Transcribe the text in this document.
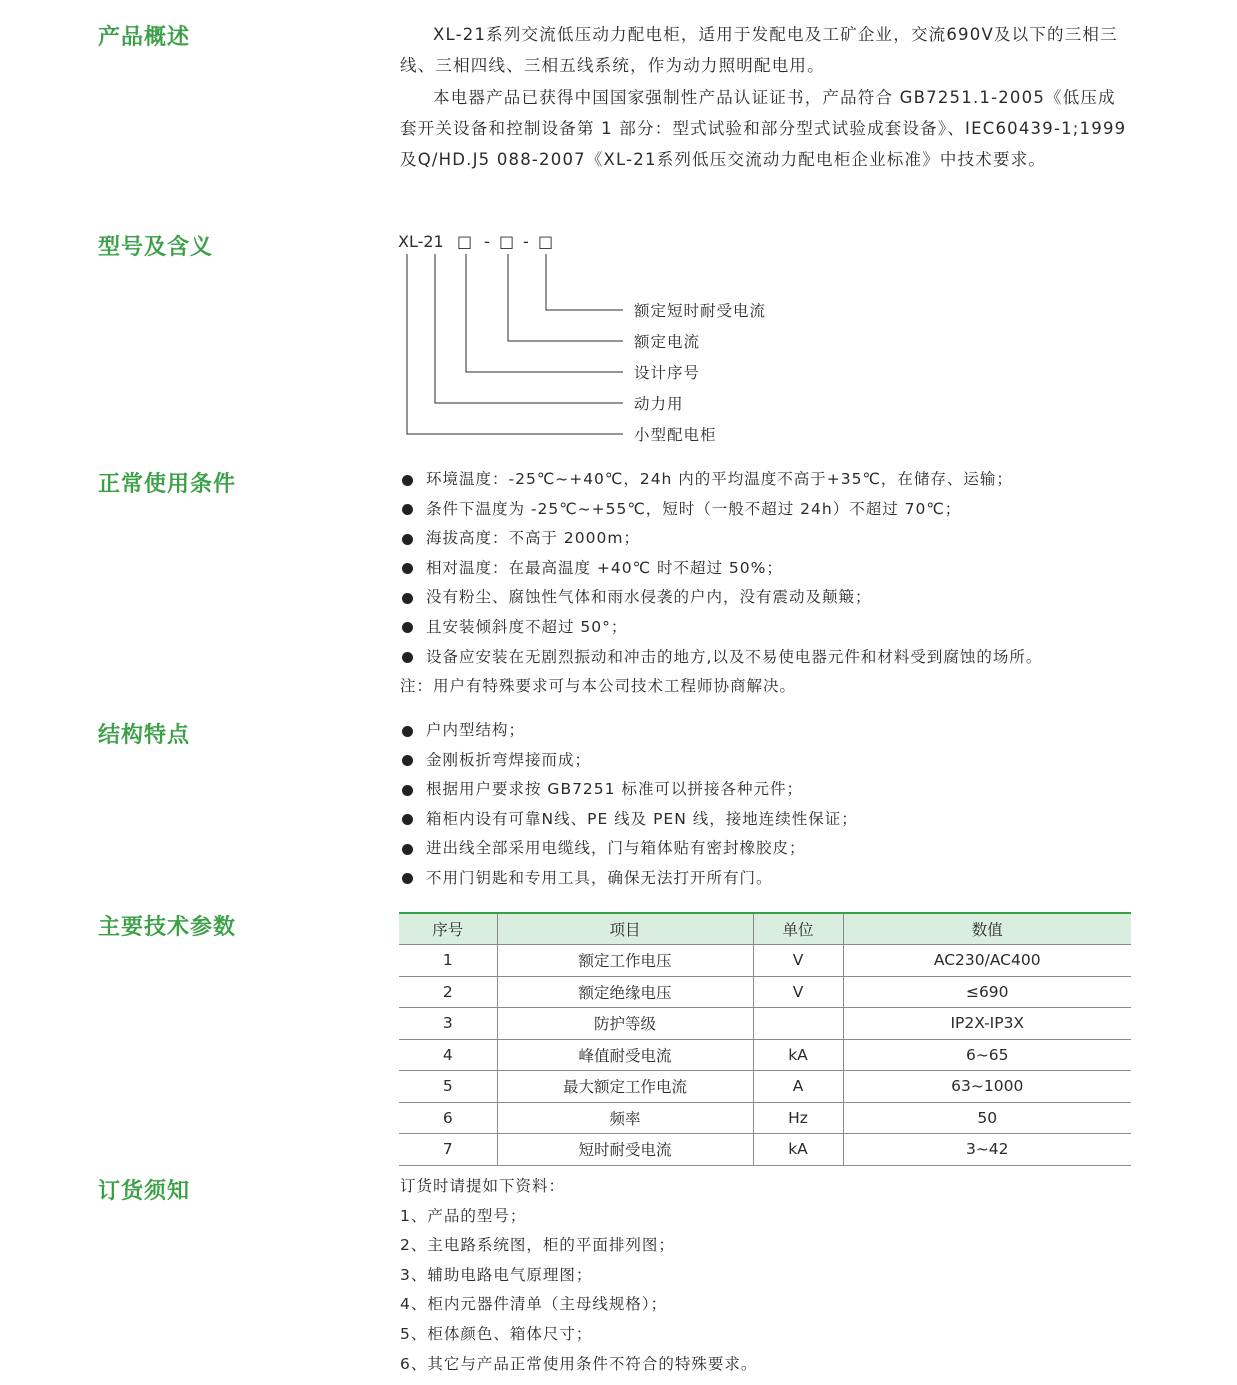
产品概述	XL-21系列交流低压动力配电柜，适用于发配电及工矿企业，交流690V及以下的三相三线、三相四线、三相五线系统，作为动力照明配电用。

本电器产品已获得中国国家强制性产品认证证书，产品符合 GB7251.1-2005《低压成套开关设备和控制设备第 1 部分：型式试验和部分型式试验成套设备》、IEC60439-1;1999及Q/HD.J5 088-2007《XL-21系列低压交流动力配电柜企业标准》中技术要求。

型号及含义	XL-21 □ - □ - □
额定短时耐受电流
额定电流
设计序号
动力用
小型配电柜
正常使用条件	环境温度：-25℃~+40℃，24h 内的平均温度不高于+35℃，在储存、运输；
条件下温度为 -25℃~+55℃，短时（一般不超过 24h）不超过 70℃；
海拔高度：不高于 2000m；
相对温度：在最高温度 +40℃ 时不超过 50%；
没有粉尘、腐蚀性气体和雨水侵袭的户内，没有震动及颠簸；
且安装倾斜度不超过 50°；
设备应安装在无剧烈振动和冲击的地方,以及不易使电器元件和材料受到腐蚀的场所。

注：用户有特殊要求可与本公司技术工程师协商解决。

结构特点	户内型结构；
金刚板折弯焊接而成；
根据用户要求按 GB7251 标准可以拼接各种元件；
箱柜内设有可靠N线、PE 线及 PEN 线，接地连续性保证；
进出线全部采用电缆线，门与箱体贴有密封橡胶皮；
不用门钥匙和专用工具，确保无法打开所有门。
主要技术参数	序号	项目	单位	数值
1	额定工作电压	V	AC230/AC400
2	额定绝缘电压	V	≤690
3	防护等级		IP2X-IP3X
4	峰值耐受电流	kA	6~65
5	最大额定工作电流	A	63~1000
6	频率	Hz	50
7	短时耐受电流	kA	3~42
订货须知	订货时请提如下资料：
1、产品的型号；
2、主电路系统图，柜的平面排列图；
3、辅助电路电气原理图；
4、柜内元器件清单（主母线规格）；
5、柜体颜色、箱体尺寸；
6、其它与产品正常使用条件不符合的特殊要求。
